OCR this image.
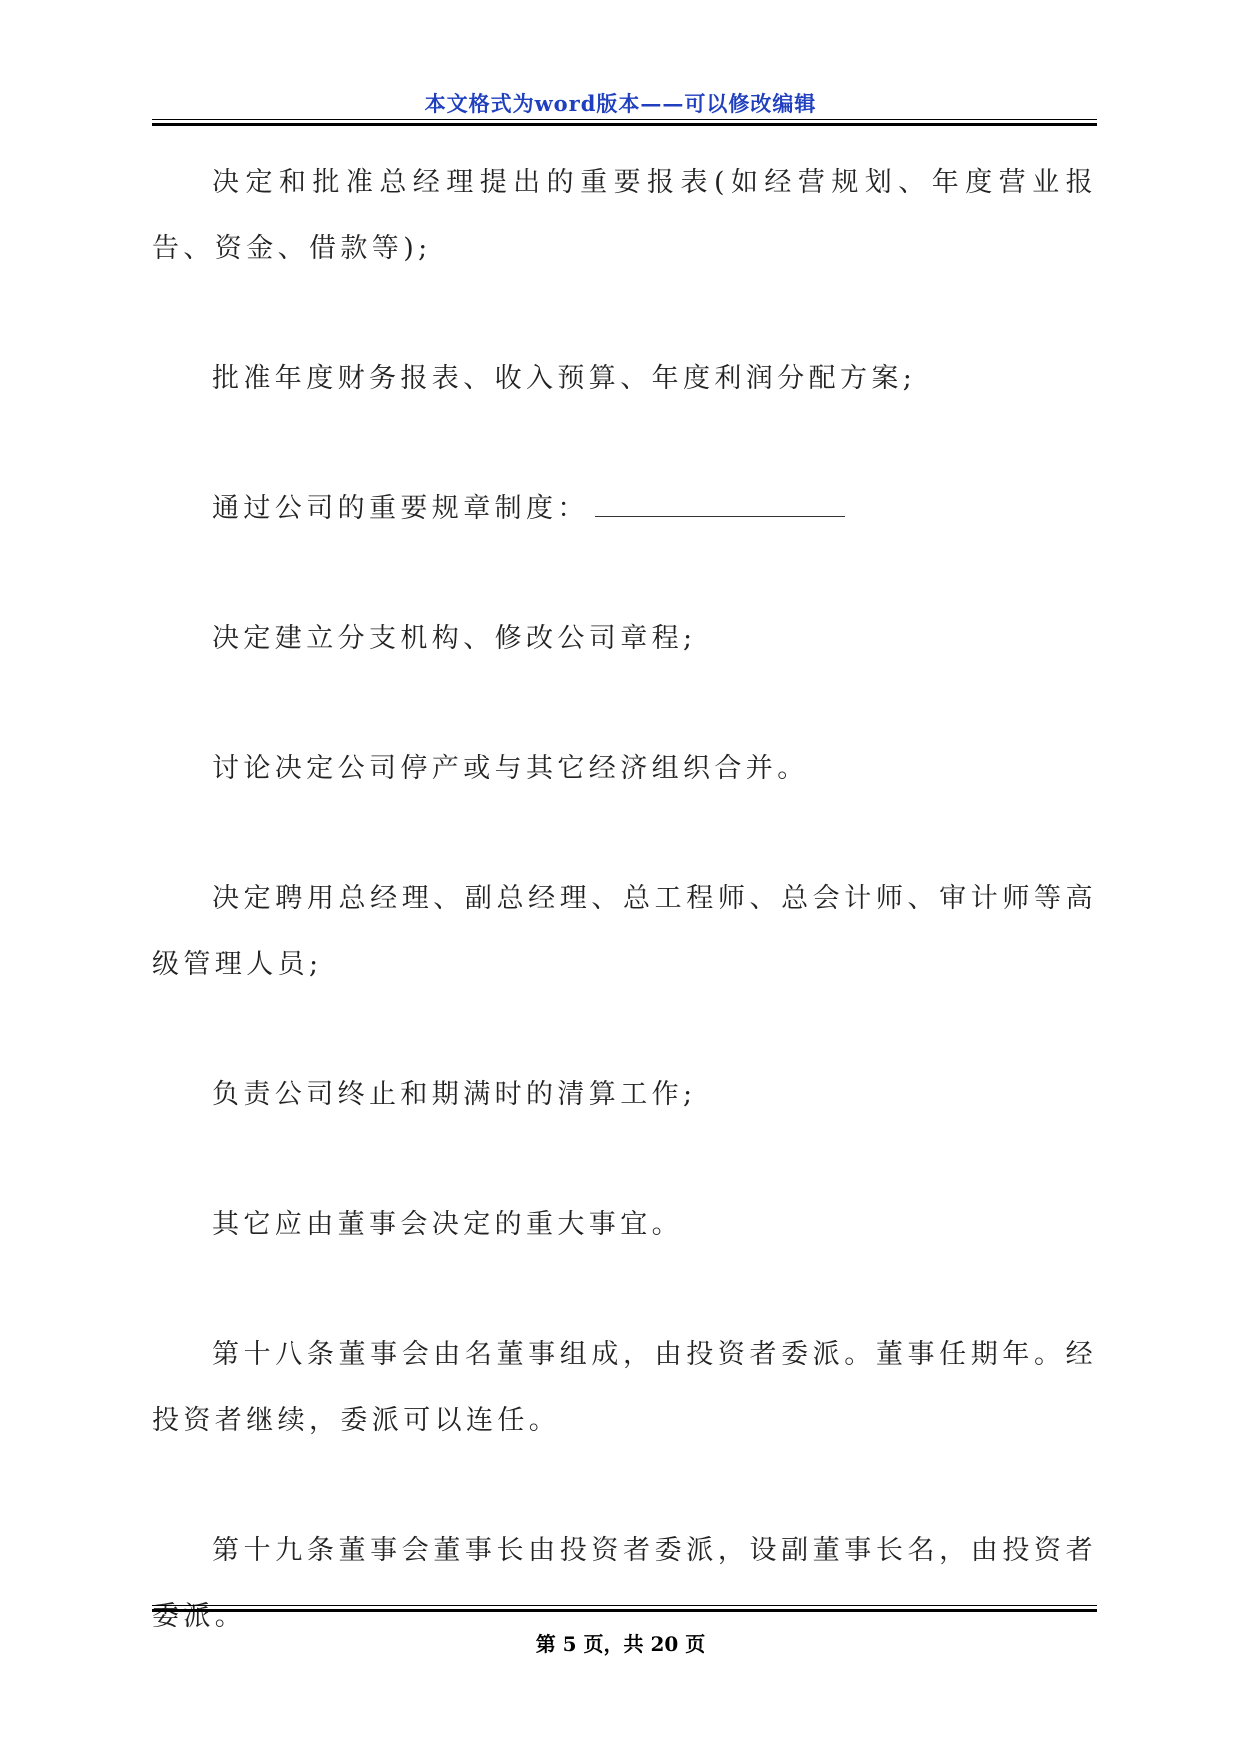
本文格式为word版本——可以修改编辑

决定和批准总经理提出的重要报表(如经营规划、年度营业报告、资金、借款等);

批准年度财务报表、收入预算、年度利润分配方案;

通过公司的重要规章制度：

决定建立分支机构、修改公司章程;

讨论决定公司停产或与其它经济组织合并。

决定聘用总经理、副总经理、总工程师、总会计师、审计师等高级管理人员;

负责公司终止和期满时的清算工作;

其它应由董事会决定的重大事宜。

第十八条董事会由名董事组成，由投资者委派。董事任期年。经投资者继续，委派可以连任。

第十九条董事会董事长由投资者委派，设副董事长名，由投资者委派。

第 5 页，共 20 页
